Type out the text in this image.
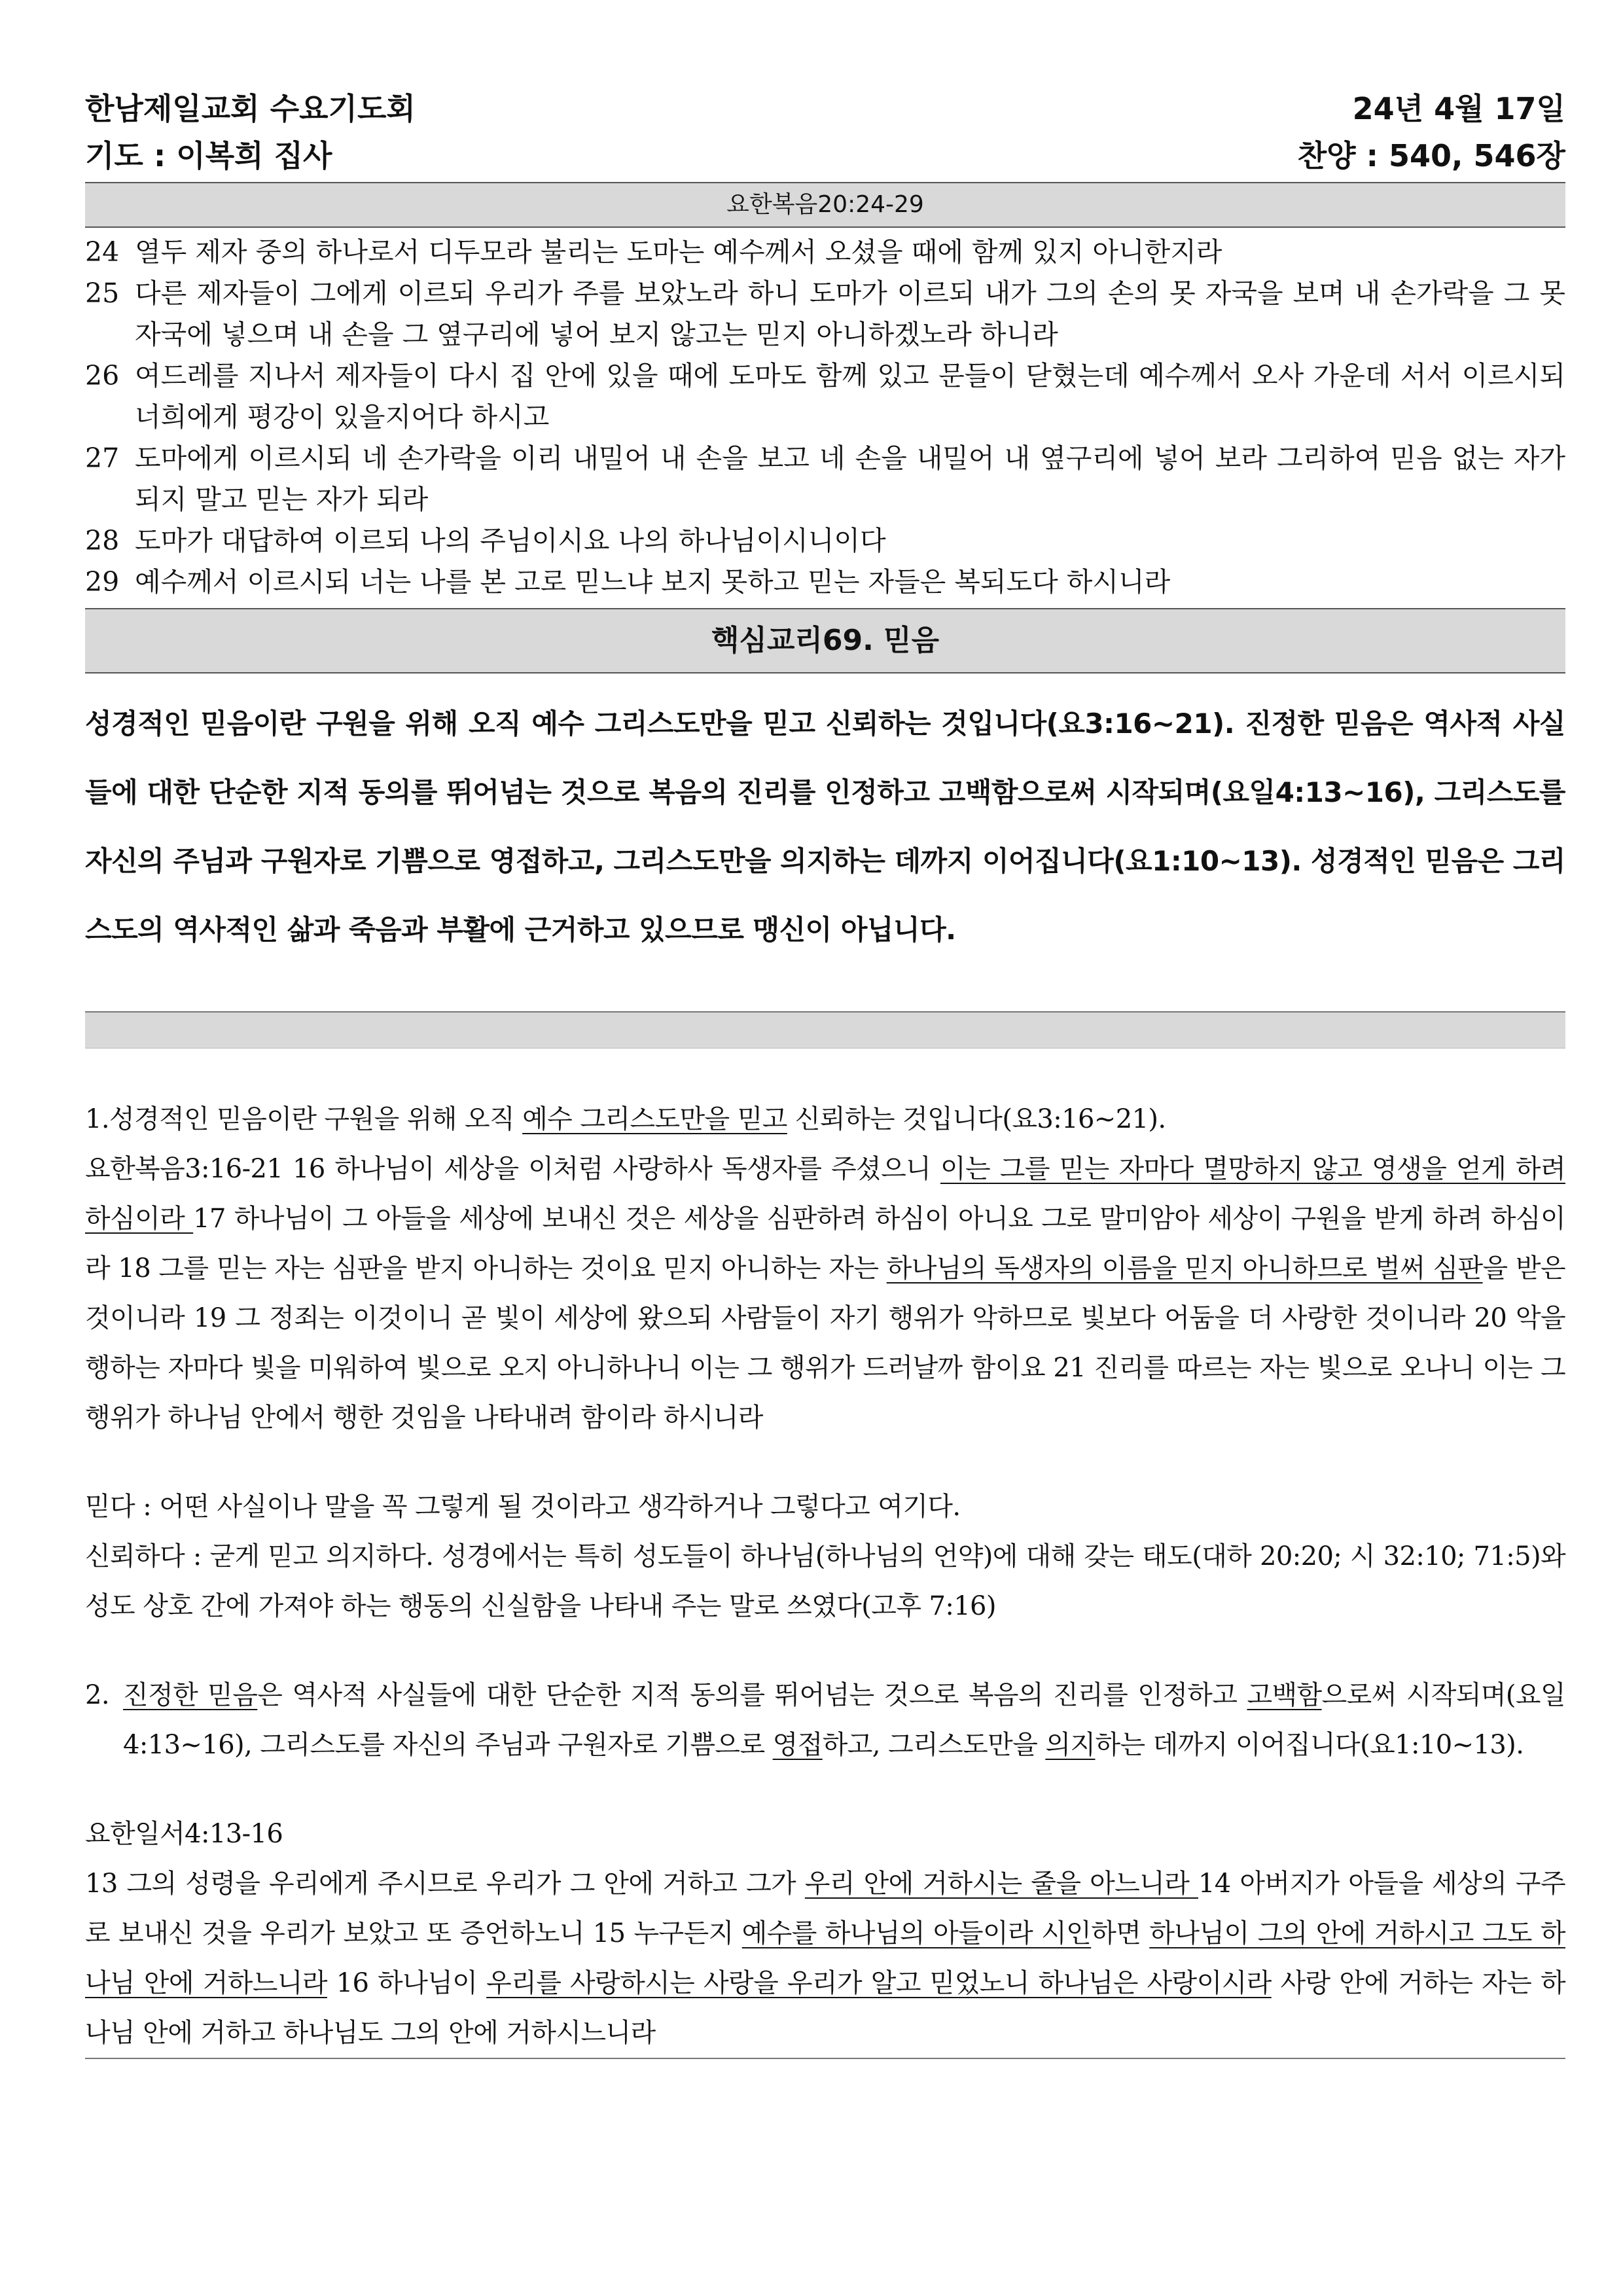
한남제일교회 수요기도회	24년 4월 17일
기도 : 이복희 집사	찬양 : 540, 546장
요한복음20:24-29
24 열두 제자 중의 하나로서 디두모라 불리는 도마는 예수께서 오셨을 때에 함께 있지 아니한지라
25 다른 제자들이 그에게 이르되 우리가 주를 보았노라 하니 도마가 이르되 내가 그의 손의 못 자국을 보며 내 손가락을 그 못 자국에 넣으며 내 손을 그 옆구리에 넣어 보지 않고는 믿지 아니하겠노라 하니라
26 여드레를 지나서 제자들이 다시 집 안에 있을 때에 도마도 함께 있고 문들이 닫혔는데 예수께서 오사 가운데 서서 이르시되 너희에게 평강이 있을지어다 하시고
27 도마에게 이르시되 네 손가락을 이리 내밀어 내 손을 보고 네 손을 내밀어 내 옆구리에 넣어 보라 그리하여 믿음 없는 자가 되지 말고 믿는 자가 되라
28 도마가 대답하여 이르되 나의 주님이시요 나의 하나님이시니이다
29 예수께서 이르시되 너는 나를 본 고로 믿느냐 보지 못하고 믿는 자들은 복되도다 하시니라
핵심교리69. 믿음
성경적인 믿음이란 구원을 위해 오직 예수 그리스도만을 믿고 신뢰하는 것입니다(요3:16~21). 진정한 믿음은 역사적 사실들에 대한 단순한 지적 동의를 뛰어넘는 것으로 복음의 진리를 인정하고 고백함으로써 시작되며(요일4:13~16), 그리스도를 자신의 주님과 구원자로 기쁨으로 영접하고, 그리스도만을 의지하는 데까지 이어집니다(요1:10~13). 성경적인 믿음은 그리스도의 역사적인 삶과 죽음과 부활에 근거하고 있으므로 맹신이 아닙니다.
1.성경적인 믿음이란 구원을 위해 오직 예수 그리스도만을 믿고 신뢰하는 것입니다(요3:16~21).
요한복음3:16-21 16 하나님이 세상을 이처럼 사랑하사 독생자를 주셨으니 이는 그를 믿는 자마다 멸망하지 않고 영생을 얻게 하려 하심이라 17 하나님이 그 아들을 세상에 보내신 것은 세상을 심판하려 하심이 아니요 그로 말미암아 세상이 구원을 받게 하려 하심이라 18 그를 믿는 자는 심판을 받지 아니하는 것이요 믿지 아니하는 자는 하나님의 독생자의 이름을 믿지 아니하므로 벌써 심판을 받은 것이니라 19 그 정죄는 이것이니 곧 빛이 세상에 왔으되 사람들이 자기 행위가 악하므로 빛보다 어둠을 더 사랑한 것이니라 20 악을 행하는 자마다 빛을 미워하여 빛으로 오지 아니하나니 이는 그 행위가 드러날까 함이요 21 진리를 따르는 자는 빛으로 오나니 이는 그 행위가 하나님 안에서 행한 것임을 나타내려 함이라 하시니라
믿다 : 어떤 사실이나 말을 꼭 그렇게 될 것이라고 생각하거나 그렇다고 여기다.
신뢰하다 : 굳게 믿고 의지하다. 성경에서는 특히 성도들이 하나님(하나님의 언약)에 대해 갖는 태도(대하 20:20; 시 32:10; 71:5)와 성도 상호 간에 가져야 하는 행동의 신실함을 나타내 주는 말로 쓰였다(고후 7:16)
2. 진정한 믿음은 역사적 사실들에 대한 단순한 지적 동의를 뛰어넘는 것으로 복음의 진리를 인정하고 고백함으로써 시작되며(요일4:13~16), 그리스도를 자신의 주님과 구원자로 기쁨으로 영접하고, 그리스도만을 의지하는 데까지 이어집니다(요1:10~13).
요한일서4:13-16
13 그의 성령을 우리에게 주시므로 우리가 그 안에 거하고 그가 우리 안에 거하시는 줄을 아느니라 14 아버지가 아들을 세상의 구주로 보내신 것을 우리가 보았고 또 증언하노니 15 누구든지 예수를 하나님의 아들이라 시인하면 하나님이 그의 안에 거하시고 그도 하나님 안에 거하느니라 16 하나님이 우리를 사랑하시는 사랑을 우리가 알고 믿었노니 하나님은 사랑이시라 사랑 안에 거하는 자는 하나님 안에 거하고 하나님도 그의 안에 거하시느니라
